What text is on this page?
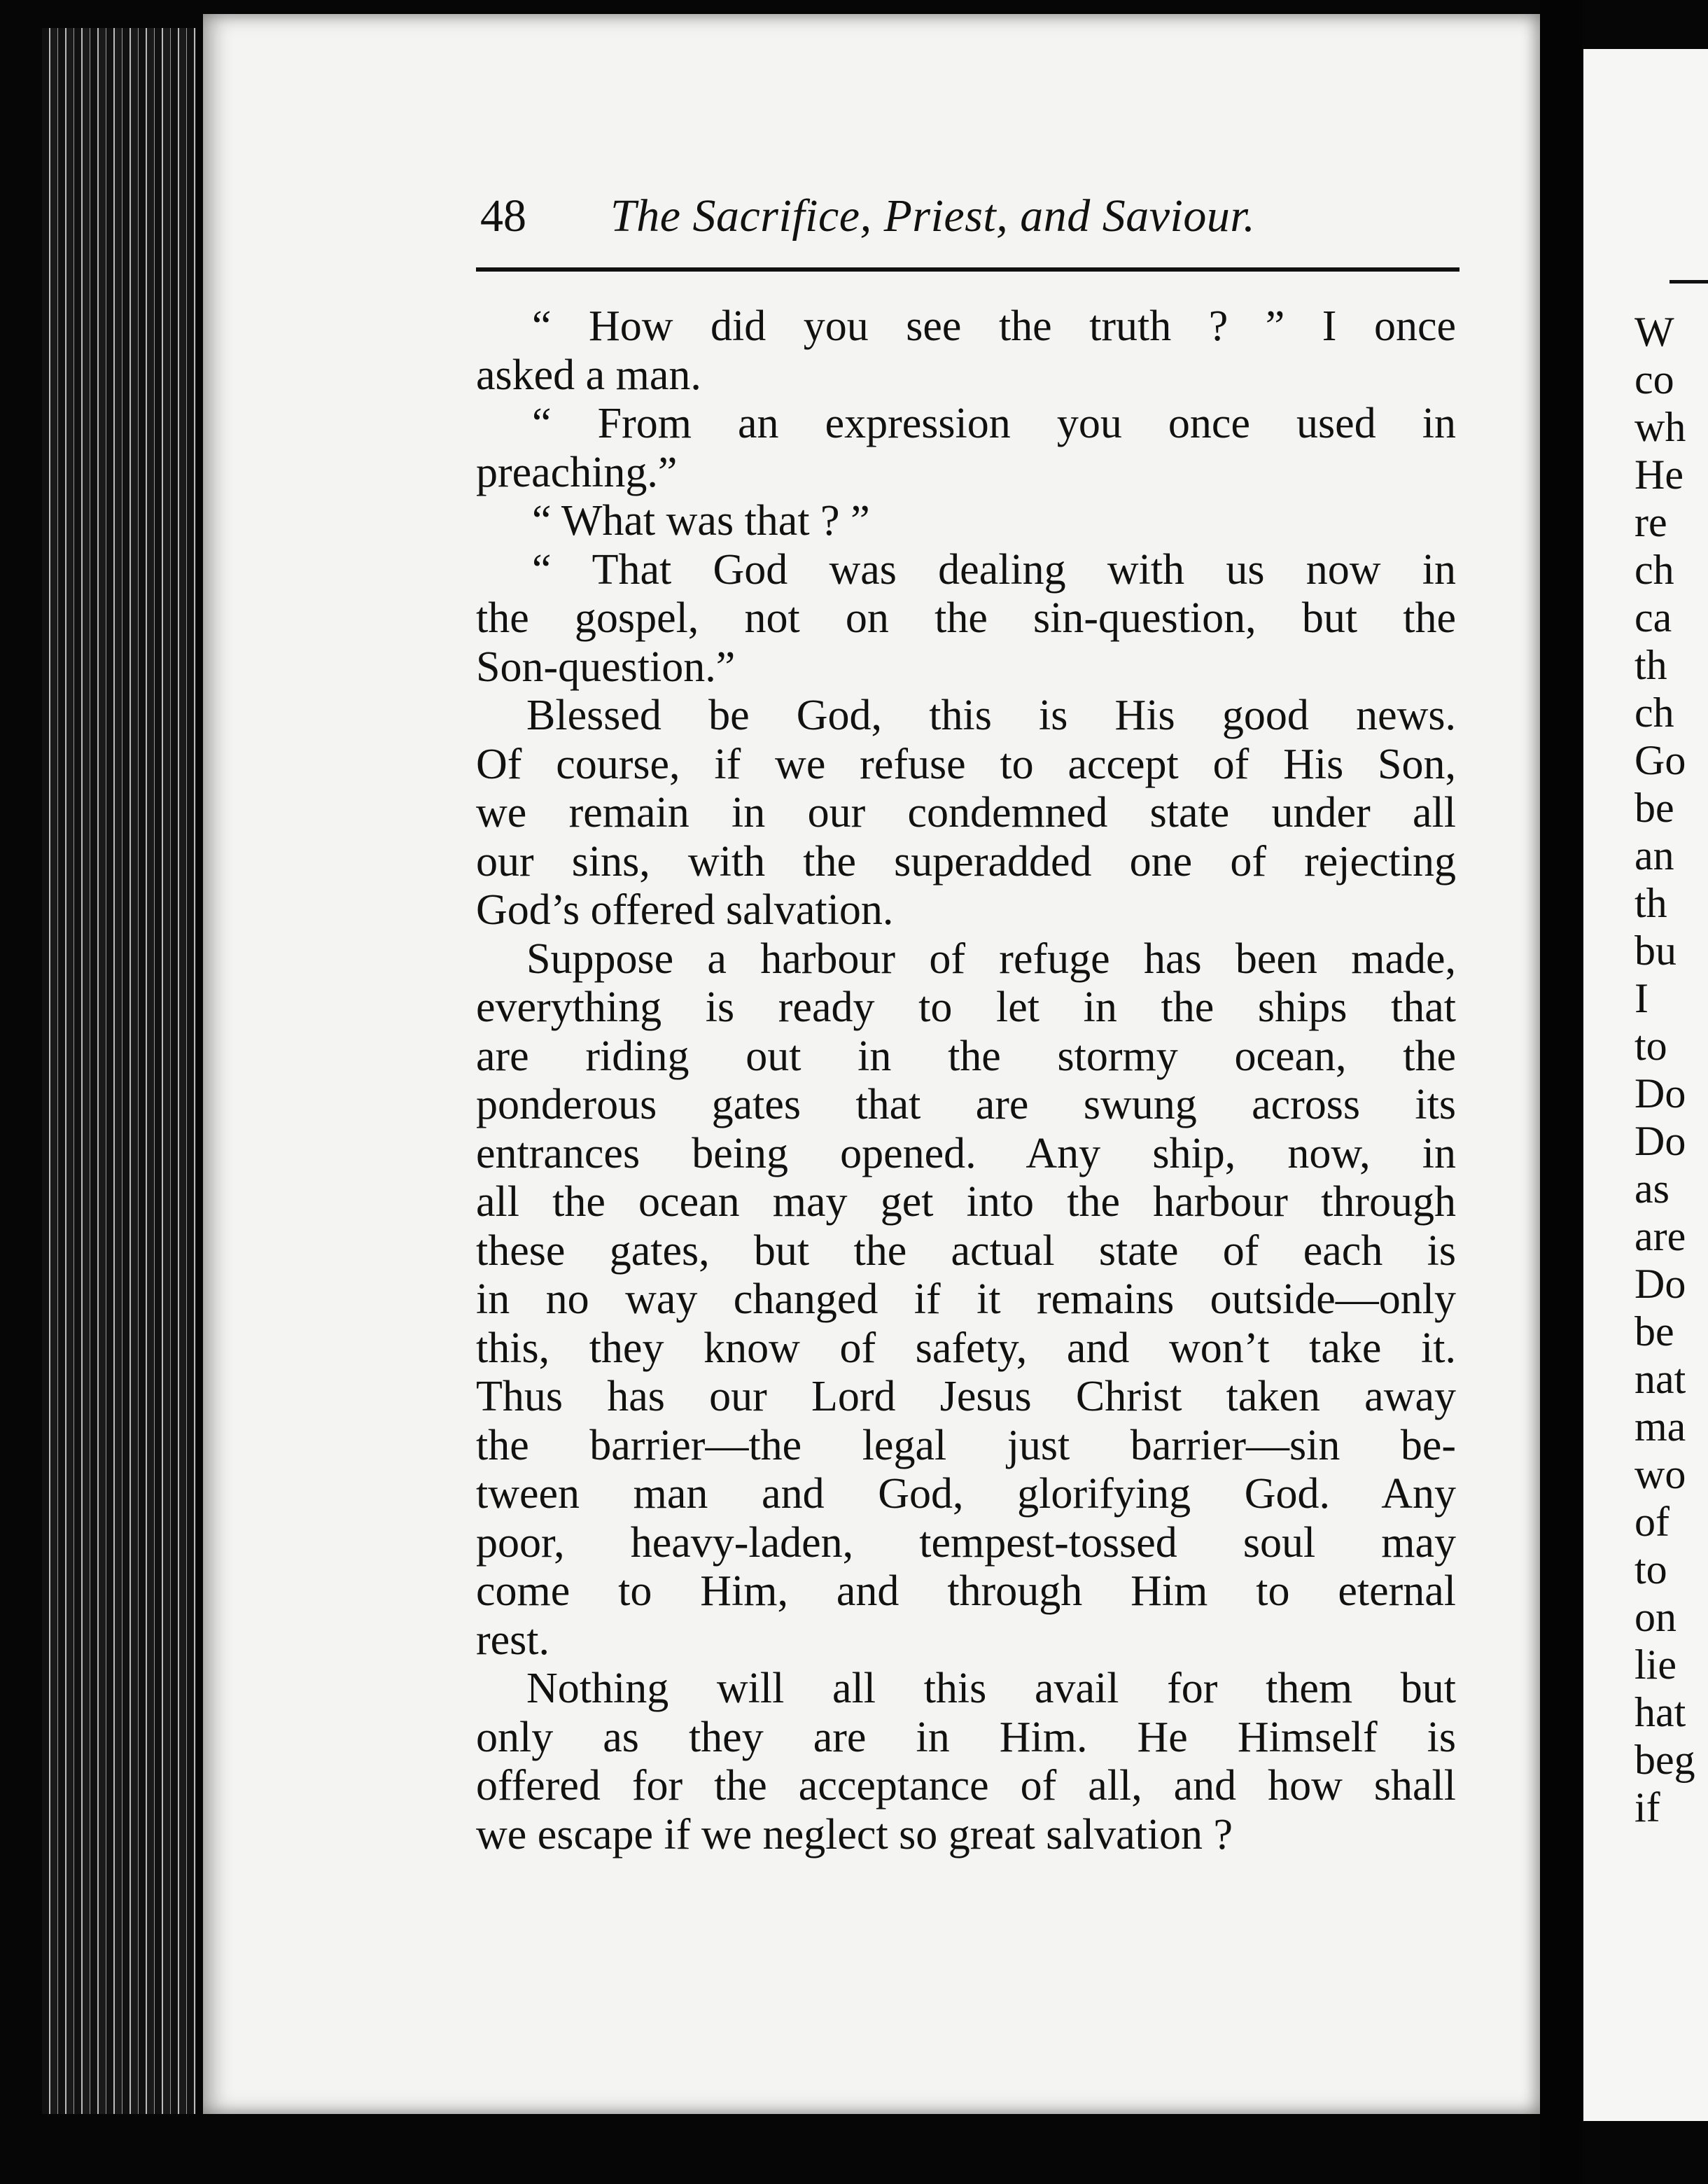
48 The Sacrifice, Priest, and Saviour.
“ How did you see the truth ? ” I once
asked a man.
“ From an expression you once used in
preaching.”
“ What was that ? ”
“ That God was dealing with us now in
the gospel, not on the sin-question, but the
Son-question.”
Blessed be God, this is His good news.
Of course, if we refuse to accept of His Son,
we remain in our condemned state under all
our sins, with the superadded one of rejecting
God’s offered salvation.
Suppose a harbour of refuge has been made,
everything is ready to let in the ships that
are riding out in the stormy ocean, the
ponderous gates that are swung across its
entrances being opened. Any ship, now, in
all the ocean may get into the harbour through
these gates, but the actual state of each is
in no way changed if it remains outside—only
this, they know of safety, and won’t take it.
Thus has our Lord Jesus Christ taken away
the barrier—the legal just barrier—sin be-
tween man and God, glorifying God. Any
poor, heavy-laden, tempest-tossed soul may
come to Him, and through Him to eternal
rest.
Nothing will all this avail for them but
only as they are in Him. He Himself is
offered for the acceptance of all, and how shall
we escape if we neglect so great salvation ?
W
co
wh
He
re
ch
ca
th
ch
Go
be
an
th
bu
I
to
Do
Do
as
are
Do
be
nat
ma
wo
of
to
on
lie
hat
beg
if
